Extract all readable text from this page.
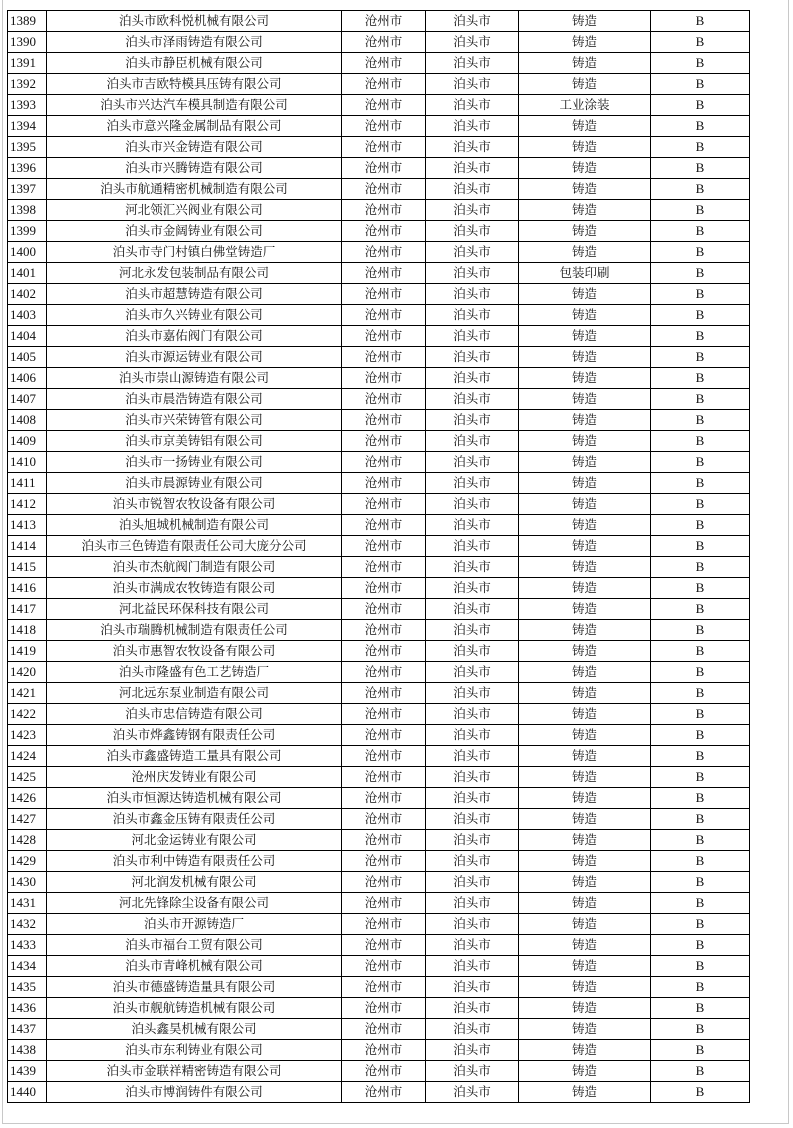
1389	泊头市欧科悦机械有限公司	沧州市	泊头市	铸造	B
1390	泊头市泽雨铸造有限公司	沧州市	泊头市	铸造	B
1391	泊头市静臣机械有限公司	沧州市	泊头市	铸造	B
1392	泊头市吉欧特模具压铸有限公司	沧州市	泊头市	铸造	B
1393	泊头市兴达汽车模具制造有限公司	沧州市	泊头市	工业涂装	B
1394	泊头市意兴隆金属制品有限公司	沧州市	泊头市	铸造	B
1395	泊头市兴金铸造有限公司	沧州市	泊头市	铸造	B
1396	泊头市兴腾铸造有限公司	沧州市	泊头市	铸造	B
1397	泊头市航通精密机械制造有限公司	沧州市	泊头市	铸造	B
1398	河北领汇兴阀业有限公司	沧州市	泊头市	铸造	B
1399	泊头市金阔铸业有限公司	沧州市	泊头市	铸造	B
1400	泊头市寺门村镇白佛堂铸造厂	沧州市	泊头市	铸造	B
1401	河北永发包装制品有限公司	沧州市	泊头市	包装印刷	B
1402	泊头市超慧铸造有限公司	沧州市	泊头市	铸造	B
1403	泊头市久兴铸业有限公司	沧州市	泊头市	铸造	B
1404	泊头市嘉佑阀门有限公司	沧州市	泊头市	铸造	B
1405	泊头市源运铸业有限公司	沧州市	泊头市	铸造	B
1406	泊头市崇山源铸造有限公司	沧州市	泊头市	铸造	B
1407	泊头市晨浩铸造有限公司	沧州市	泊头市	铸造	B
1408	泊头市兴荣铸管有限公司	沧州市	泊头市	铸造	B
1409	泊头市京美铸铝有限公司	沧州市	泊头市	铸造	B
1410	泊头市一扬铸业有限公司	沧州市	泊头市	铸造	B
1411	泊头市晨源铸业有限公司	沧州市	泊头市	铸造	B
1412	泊头市锐智农牧设备有限公司	沧州市	泊头市	铸造	B
1413	泊头旭城机械制造有限公司	沧州市	泊头市	铸造	B
1414	泊头市三色铸造有限责任公司大庞分公司	沧州市	泊头市	铸造	B
1415	泊头市杰航阀门制造有限公司	沧州市	泊头市	铸造	B
1416	泊头市满成农牧铸造有限公司	沧州市	泊头市	铸造	B
1417	河北益民环保科技有限公司	沧州市	泊头市	铸造	B
1418	泊头市瑞腾机械制造有限责任公司	沧州市	泊头市	铸造	B
1419	泊头市惠智农牧设备有限公司	沧州市	泊头市	铸造	B
1420	泊头市隆盛有色工艺铸造厂	沧州市	泊头市	铸造	B
1421	河北远东泵业制造有限公司	沧州市	泊头市	铸造	B
1422	泊头市忠信铸造有限公司	沧州市	泊头市	铸造	B
1423	泊头市烨鑫铸钢有限责任公司	沧州市	泊头市	铸造	B
1424	泊头市鑫盛铸造工量具有限公司	沧州市	泊头市	铸造	B
1425	沧州庆发铸业有限公司	沧州市	泊头市	铸造	B
1426	泊头市恒源达铸造机械有限公司	沧州市	泊头市	铸造	B
1427	泊头市鑫金压铸有限责任公司	沧州市	泊头市	铸造	B
1428	河北金运铸业有限公司	沧州市	泊头市	铸造	B
1429	泊头市利中铸造有限责任公司	沧州市	泊头市	铸造	B
1430	河北润发机械有限公司	沧州市	泊头市	铸造	B
1431	河北先锋除尘设备有限公司	沧州市	泊头市	铸造	B
1432	泊头市开源铸造厂	沧州市	泊头市	铸造	B
1433	泊头市福台工贸有限公司	沧州市	泊头市	铸造	B
1434	泊头市青峰机械有限公司	沧州市	泊头市	铸造	B
1435	泊头市德盛铸造量具有限公司	沧州市	泊头市	铸造	B
1436	泊头市舰航铸造机械有限公司	沧州市	泊头市	铸造	B
1437	泊头鑫昊机械有限公司	沧州市	泊头市	铸造	B
1438	泊头市东利铸业有限公司	沧州市	泊头市	铸造	B
1439	泊头市金联祥精密铸造有限公司	沧州市	泊头市	铸造	B
1440	泊头市博润铸件有限公司	沧州市	泊头市	铸造	B
